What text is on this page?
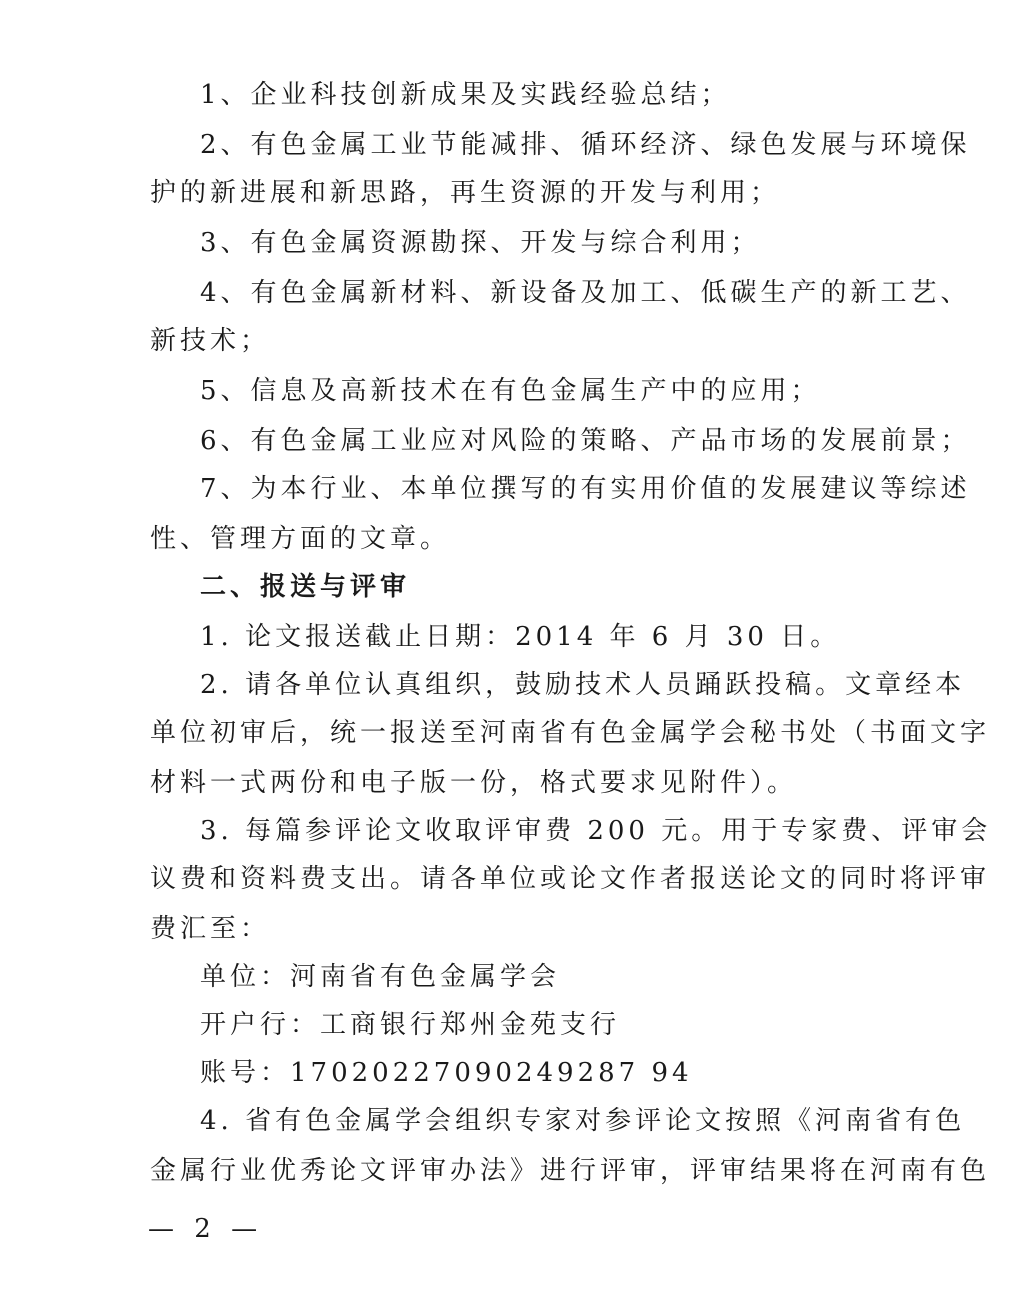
1、企业科技创新成果及实践经验总结；
2、有色金属工业节能减排、循环经济、绿色发展与环境保
护的新进展和新思路，再生资源的开发与利用；
3、有色金属资源勘探、开发与综合利用；
4、有色金属新材料、新设备及加工、低碳生产的新工艺、
新技术；
5、信息及高新技术在有色金属生产中的应用；
6、有色金属工业应对风险的策略、产品市场的发展前景；
7、为本行业、本单位撰写的有实用价值的发展建议等综述
性、管理方面的文章。
二、报送与评审
1. 论文报送截止日期：2014 年 6 月 30 日。
2. 请各单位认真组织，鼓励技术人员踊跃投稿。文章经本
单位初审后，统一报送至河南省有色金属学会秘书处（书面文字
材料一式两份和电子版一份，格式要求见附件）。
3. 每篇参评论文收取评审费 200 元。用于专家费、评审会
议费和资料费支出。请各单位或论文作者报送论文的同时将评审
费汇至：
单位：河南省有色金属学会
开户行：工商银行郑州金苑支行
账号：17020227090249287 94
4. 省有色金属学会组织专家对参评论文按照《河南省有色
金属行业优秀论文评审办法》进行评审，评审结果将在河南有色
— 2 —
